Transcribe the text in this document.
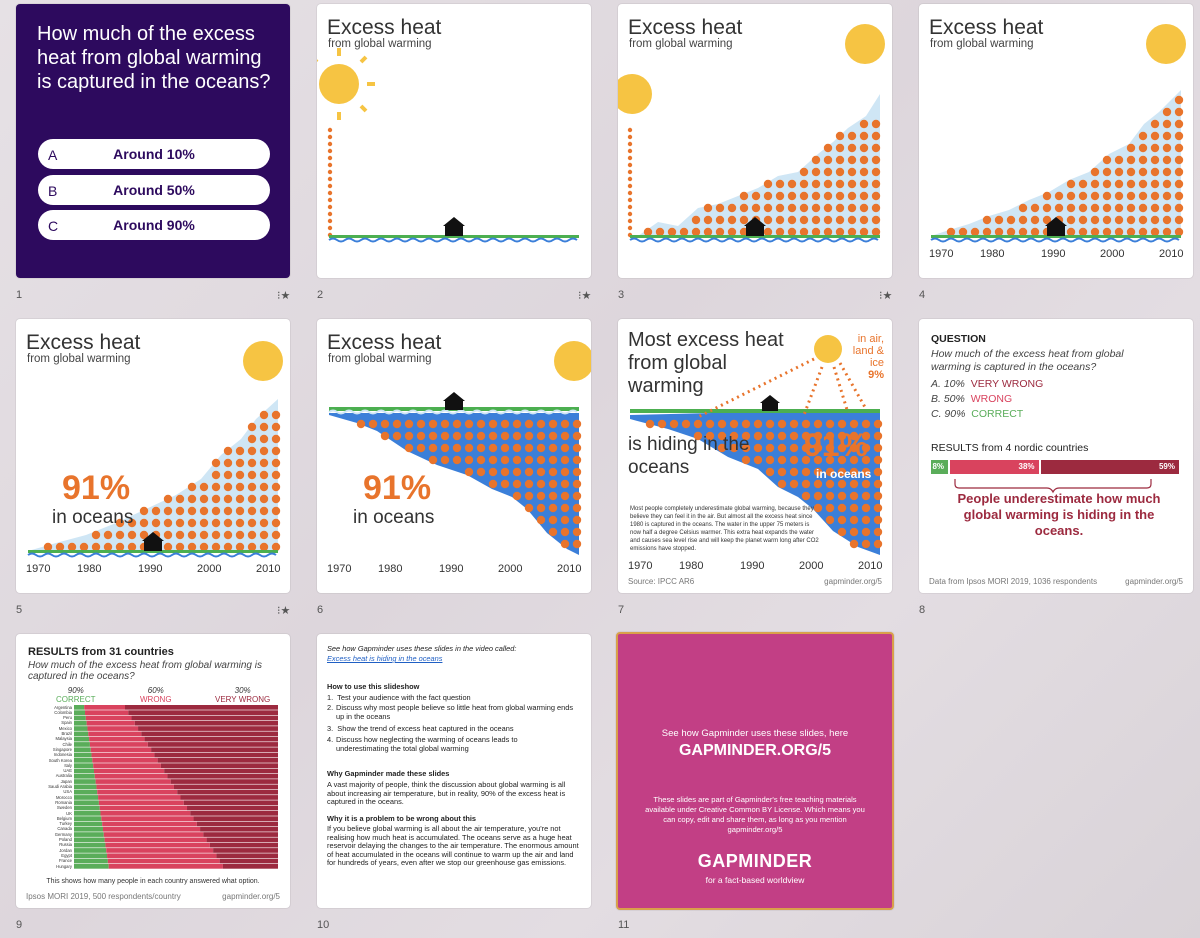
How much of the excess heat from global warming is captured in the oceans?
A	Around 10%
B	Around 50%
C	Around 90%
1	⁝★
Excess heat
from global warming
2	⁝★
Excess heat
from global warming
3	⁝★
Excess heat
from global warming
1970 1980	1990	2000	2010
4
Excess heat
from global warming
91%
in oceans
1970 1980	1990	2000	2010
5	⁝★
Excess heat
from global warming
91%
in oceans
1970 1980	1990	2000	2010
6
Most excess heat from global warming
in air, land & ice
9%
is hiding in the oceans
91%
in oceans
Most people completely underestimate global warming, because they believe they can feel it in the air. But almost all the excess heat since 1980 is captured in the oceans. The water in the upper 75 meters is now half a degree Celsius warmer. This extra heat expands the water and causes sea level rise and will keep the planet warm long after CO2 emissions have stopped.
1970 1980	1990	2000	2010
Source: IPCC AR6	gapminder.org/5
7
QUESTION
How much of the excess heat from global warming is captured in the oceans?
A. 10% VERY WRONG
B. 50% WRONG
C. 90% CORRECT
RESULTS from 4 nordic countries
8%	38%	59%
People underestimate how much global warming is hiding in the oceans.
Data from Ipsos MORI 2019, 1036 respondents	gapminder.org/5
8
RESULTS from 31 countries
How much of the excess heat from global warming is captured in the oceans?
90%
CORRECT
60%
WRONG
30%
VERY WRONG
Argentina
Colombia
Peru
Spain
Mexico
Brazil
Malaysia
Chile
Singapore
Indonesia
South Korea
Italy
UAE
Australia
Japan
Saudi Arabia
USA
Morocco
Romania
Sweden
UK
Belgium
Turkey
Canada
Germany
Poland
Russia
Jordan
Egypt
France
Hungary
This shows how many people in each country answered what option.
Ipsos MORI 2019, 500 respondents/country	gapminder.org/5
9

See how Gapminder uses these slides in the video called:

Excess heat is hiding in the oceans

How to use this slideshow

1.  Test your audience with the fact question

2. Discuss why most people believe so little heat from global warming ends up in the oceans

3.  Show the trend of excess heat captured in the oceans

4. Discuss how neglecting the warming of oceans leads to underestimating the total global warming

Why Gapminder made these slides

A vast majority of people, think the discussion about global warming is all about increasing air temperature, but in reality, 90% of the excess heat is captured in the oceans.

Why it is a problem to be wrong about this

If you believe global warming is all about the air temperature, you're not realising how much heat is accumulated. The oceans serve as a huge heat reservoir delaying the changes to the air temperature. The enormous amount of heat accumulated in the oceans will continue to warm up the air and land for hundreds of years, even after we stop our greenhouse gas emissions.

10
See how Gapminder uses these slides, here
GAPMINDER.ORG/5
These slides are part of Gapminder's free teaching materials available under Creative Common BY License. Which means you can copy, edit and share them, as long as you mention gapminder.org/5
GAPMINDER
for a fact-based worldview
11
